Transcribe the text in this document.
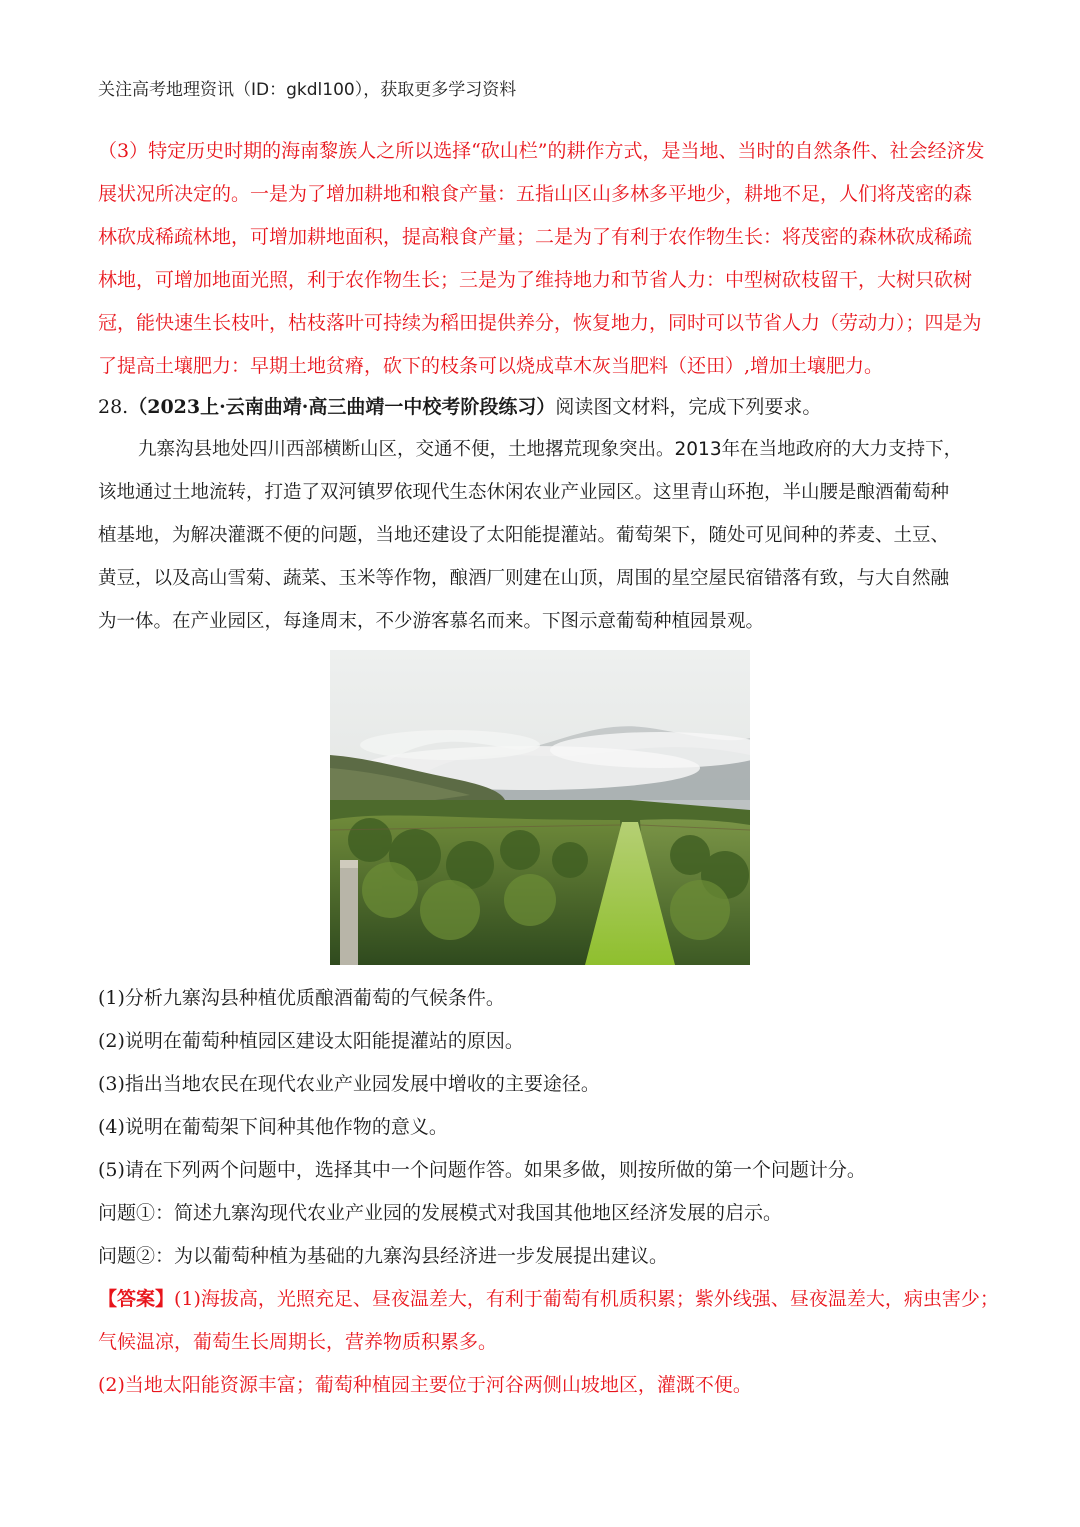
关注高考地理资讯（ID：gkdl100），获取更多学习资料
（3）特定历史时期的海南黎族人之所以选择“砍山栏”的耕作方式，是当地、当时的自然条件、社会经济发
展状况所决定的。一是为了增加耕地和粮食产量：五指山区山多林多平地少，耕地不足，人们将茂密的森
林砍成稀疏林地，可增加耕地面积，提高粮食产量；二是为了有利于农作物生长：将茂密的森林砍成稀疏
林地，可增加地面光照，利于农作物生长；三是为了维持地力和节省人力：中型树砍枝留干，大树只砍树
冠，能快速生长枝叶，枯枝落叶可持续为稻田提供养分，恢复地力，同时可以节省人力（劳动力）；四是为
了提高土壤肥力：早期土地贫瘠，砍下的枝条可以烧成草木灰当肥料（还田）,增加土壤肥力。
28.（2023上·云南曲靖·高三曲靖一中校考阶段练习）阅读图文材料，完成下列要求。
九寨沟县地处四川西部横断山区，交通不便，土地撂荒现象突出。2013年在当地政府的大力支持下，
该地通过土地流转，打造了双河镇罗依现代生态休闲农业产业园区。这里青山环抱，半山腰是酿酒葡萄种
植基地，为解决灌溉不便的问题，当地还建设了太阳能提灌站。葡萄架下，随处可见间种的荞麦、土豆、
黄豆，以及高山雪菊、蔬菜、玉米等作物，酿酒厂则建在山顶，周围的星空屋民宿错落有致，与大自然融
为一体。在产业园区，每逢周末，不少游客慕名而来。下图示意葡萄种植园景观。
(1)分析九寨沟县种植优质酿酒葡萄的气候条件。
(2)说明在葡萄种植园区建设太阳能提灌站的原因。
(3)指出当地农民在现代农业产业园发展中增收的主要途径。
(4)说明在葡萄架下间种其他作物的意义。
(5)请在下列两个问题中，选择其中一个问题作答。如果多做，则按所做的第一个问题计分。
问题①：简述九寨沟现代农业产业园的发展模式对我国其他地区经济发展的启示。
问题②：为以葡萄种植为基础的九寨沟县经济进一步发展提出建议。
【答案】(1)海拔高，光照充足、昼夜温差大，有利于葡萄有机质积累；紫外线强、昼夜温差大，病虫害少；
气候温凉，葡萄生长周期长，营养物质积累多。
(2)当地太阳能资源丰富；葡萄种植园主要位于河谷两侧山坡地区，灌溉不便。
